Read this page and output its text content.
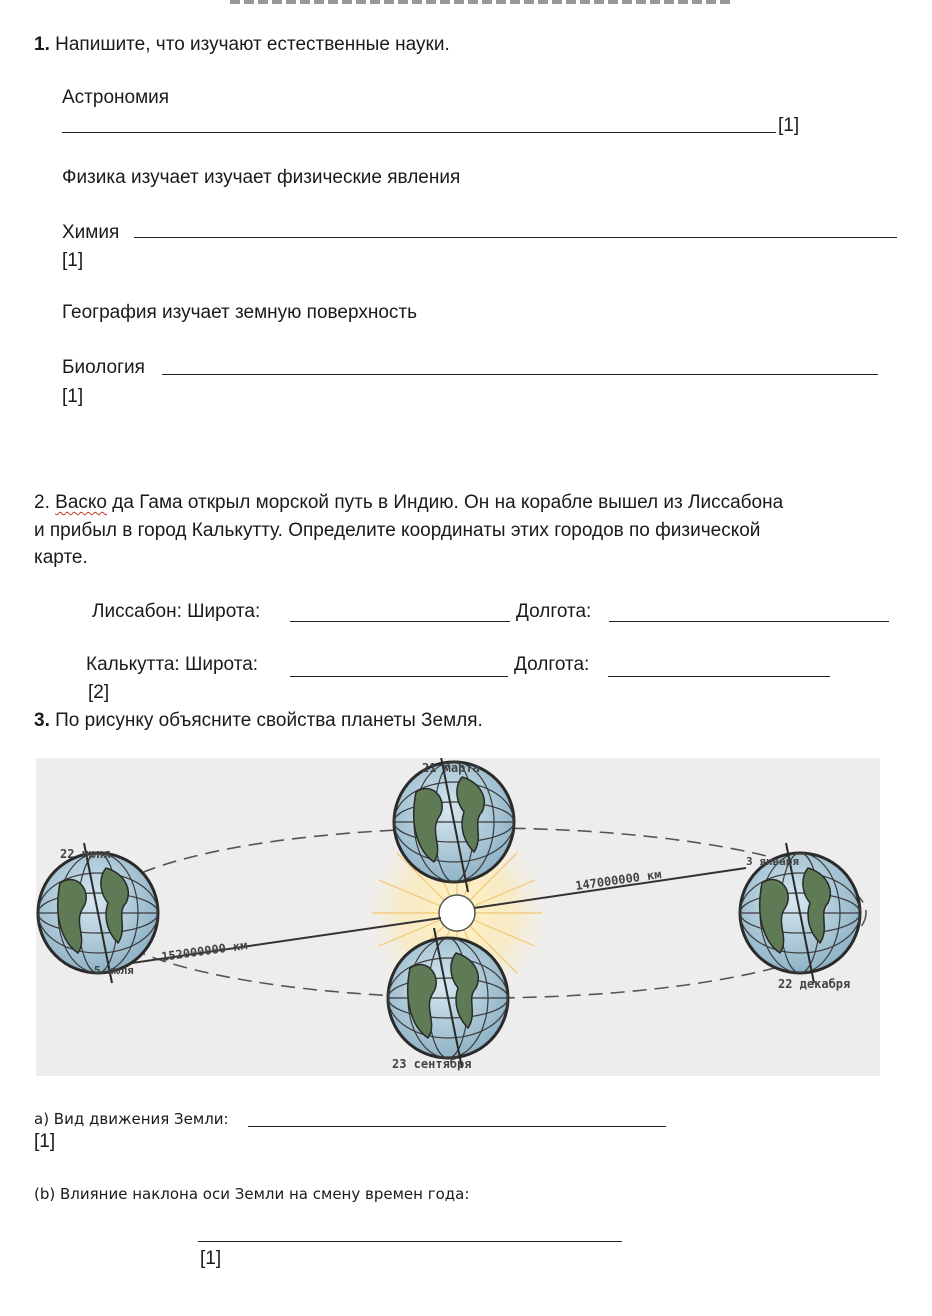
1. Напишите, что изучают естественные науки.
Астрономия
[1]
Физика изучает изучает физические явления
Химия
[1]
География изучает земную поверхность
Биология
[1]
2. Васко да Гама открыл морской путь в Индию. Он на корабле вышел из Лиссабона
и прибыл в город Калькутту. Определите координаты этих городов по физической
карте.
Лиссабон: Широта:	Долгота:
Калькутта: Широта:	Долгота:
[2]
3. По рисунку объясните свойства планеты Земля.
21 марта
22 июня
5 июля
3 января
22 декабря
23 сентября
152000000 км
147000000 км
а) Вид движения Земли:
[1]
(b) Влияние наклона оси Земли на смену времен года:
[1]
